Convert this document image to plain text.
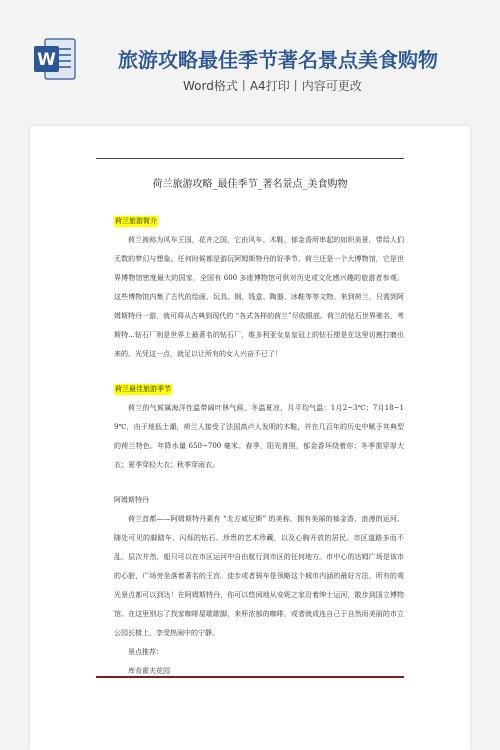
W	旅游攻略最佳季节著名景点美食购物
Word格式丨A4打印丨内容可更改
荷兰旅游攻略_最佳季节_著名景点_美食购物
荷兰旅游简介

荷兰被称为风车王国，花卉之国，它由风车、木鞋、郁金香所串起的如织美景，带给人们无数的梦幻与想象。任何时候都是游玩阿姆斯特丹的好季节。荷兰还是一个大博物馆，它是世界博物馆密度最大的国家，全国有 600 多座博物馆可供对历史或文化感兴趣的旅游者参观。这些博物馆内集了古代的绘画、玩具、钢、钱盒、陶器、冰鞋等等文物。来到荷兰，只需到阿姆斯特丹一游，就可将从古典到现代的 “各式各样的荷兰”尽收眼底。荷兰的钻石世界驰名，考斯特...钻石厂则是世界上最著名的钻石厂，维多利亚女皇皇冠上的钻石便是在这里切割打磨出来的，光凭这一点，就足以让所有的女人兴奋不已了！

荷兰最佳旅游季节

荷兰的气候属海洋性温带阔叶林气候，冬温夏凉，月平均气温：1月2~3℃；7月18~19℃，由于地低土潮，荷兰人接受了法国高卢人发明的木鞋，并在几百年的历史中赋予其典型的荷兰特色。年降水量 650~700 毫米。春季，阳光普照，郁金香环绕着你；冬季需穿厚大衣；夏季穿轻大衣；秋季穿雨衣。

阿姆斯特丹

荷兰首都——阿姆斯特丹素有 “北方威尼斯” 的美称，拥有美丽的郁金香、浪漫的运河、随处可见的脚踏车、闪烁的钻石、珍贵的艺术珍藏，以及心胸开放的居民。市区道路多而不乱，层次井然，船只可以在市区运河中自由航行到市区的任何地方。市中心的达姆广场是该市的心脏，广场旁坐落着著名的王宫。徒步或者骑车是领略这个城市内涵的最好方法，所有的观光景点都可以到达！在阿姆斯特丹，你可以悠闲地从安妮之家沿着绅士运河，散步到国立博物馆。在这里别忘了找家咖啡屋歇歇脚，来杯浓郁的咖啡，或者就成连自己于自然而美丽的市立公园长椅上，享受热闹中的宁静。

景点推荐：

库肯霍夫花园
